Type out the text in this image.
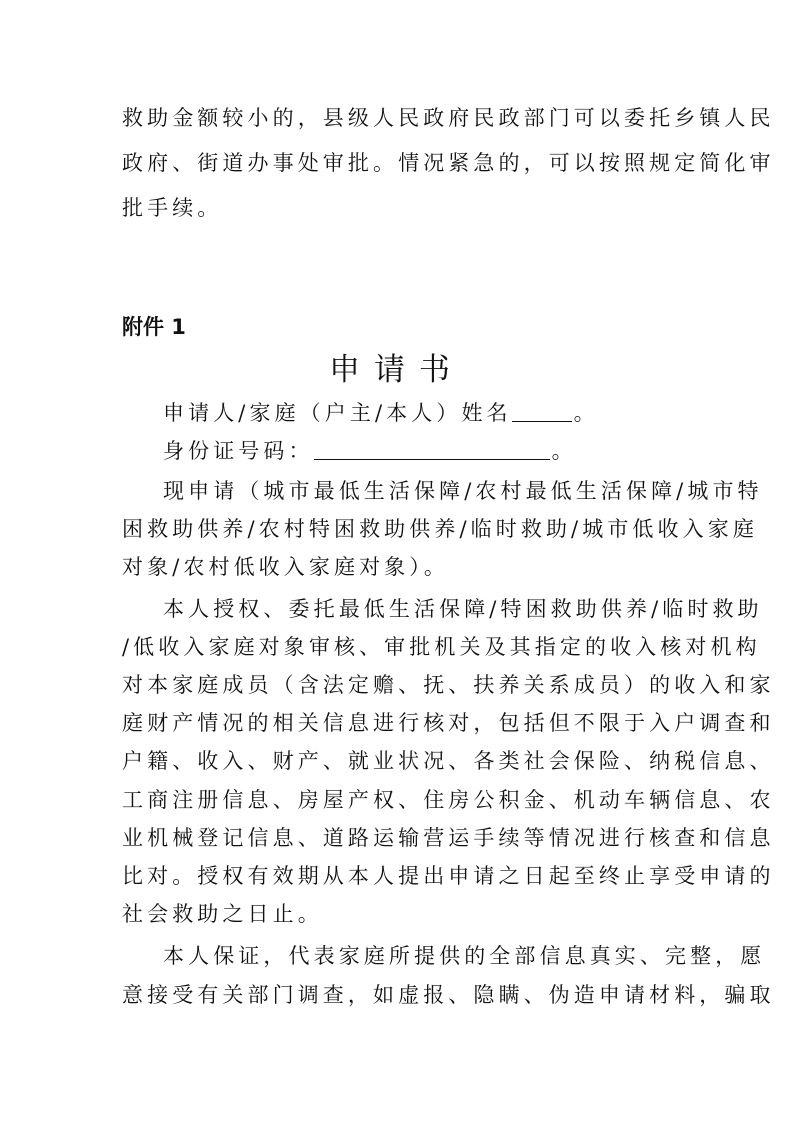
救助金额较小的，县级人民政府民政部门可以委托乡镇人民
政府、街道办事处审批。情况紧急的，可以按照规定简化审
批手续。
附件 1
申请书
申请人/家庭（户主/本人）姓名	。
身份证号码：	。
现申请（城市最低生活保障/农村最低生活保障/城市特
困救助供养/农村特困救助供养/临时救助/城市低收入家庭
对象/农村低收入家庭对象）。
本人授权、委托最低生活保障/特困救助供养/临时救助
/低收入家庭对象审核、审批机关及其指定的收入核对机构
对本家庭成员（含法定赡、抚、扶养关系成员）的收入和家
庭财产情况的相关信息进行核对，包括但不限于入户调查和
户籍、收入、财产、就业状况、各类社会保险、纳税信息、
工商注册信息、房屋产权、住房公积金、机动车辆信息、农
业机械登记信息、道路运输营运手续等情况进行核查和信息
比对。授权有效期从本人提出申请之日起至终止享受申请的
社会救助之日止。
本人保证，代表家庭所提供的全部信息真实、完整，愿
意接受有关部门调查，如虚报、隐瞒、伪造申请材料，骗取
